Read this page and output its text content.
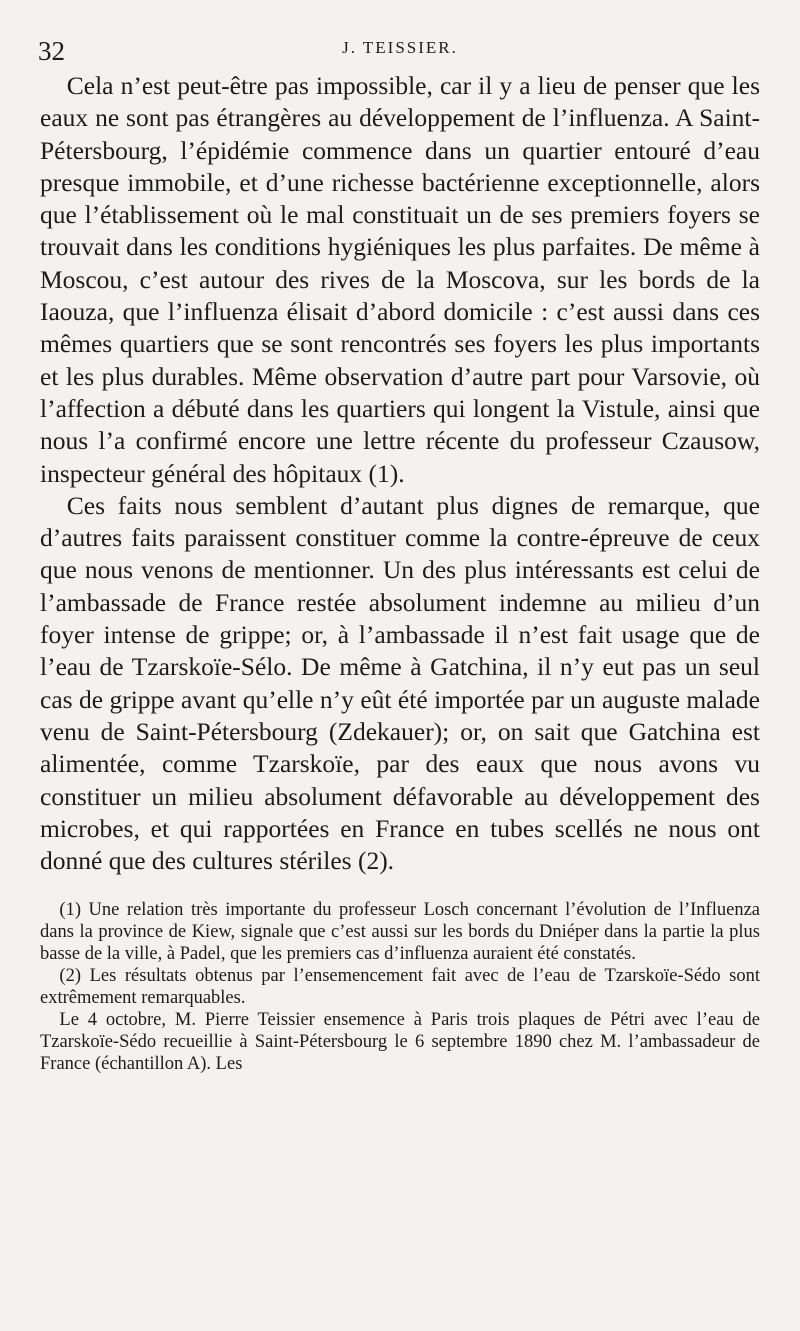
32	J. TEISSIER.

Cela n’est peut-être pas impossible, car il y a lieu de penser que les eaux ne sont pas étrangères au développement de l’influenza. A Saint-Pétersbourg, l’épidémie commence dans un quartier entouré d’eau presque immobile, et d’une richesse bactérienne exceptionnelle, alors que l’établissement où le mal constituait un de ses premiers foyers se trouvait dans les conditions hygiéniques les plus parfaites. De même à Moscou, c’est autour des rives de la Moscova, sur les bords de la Iaouza, que l’influenza élisait d’abord domicile : c’est aussi dans ces mêmes quartiers que se sont rencontrés ses foyers les plus importants et les plus durables. Même observation d’autre part pour Varsovie, où l’affection a débuté dans les quartiers qui longent la Vistule, ainsi que nous l’a confirmé encore une lettre récente du professeur Czausow, inspecteur général des hôpitaux (1).

Ces faits nous semblent d’autant plus dignes de remarque, que d’autres faits paraissent constituer comme la contre-épreuve de ceux que nous venons de mentionner. Un des plus intéressants est celui de l’ambassade de France restée absolument indemne au milieu d’un foyer intense de grippe; or, à l’ambassade il n’est fait usage que de l’eau de Tzarskoïe-Sélo. De même à Gatchina, il n’y eut pas un seul cas de grippe avant qu’elle n’y eût été importée par un auguste malade venu de Saint-Pétersbourg (Zdekauer); or, on sait que Gatchina est alimentée, comme Tzarskoïe, par des eaux que nous avons vu constituer un milieu absolument défavorable au développement des microbes, et qui rapportées en France en tubes scellés ne nous ont donné que des cultures stériles (2).

(1) Une relation très importante du professeur Losch concernant l’évolution de l’Influenza dans la province de Kiew, signale que c’est aussi sur les bords du Dniéper dans la partie la plus basse de la ville, à Padel, que les premiers cas d’influenza auraient été constatés.

(2) Les résultats obtenus par l’ensemencement fait avec de l’eau de Tzarskoïe-Sédo sont extrêmement remarquables.

Le 4 octobre, M. Pierre Teissier ensemence à Paris trois plaques de Pétri avec l’eau de Tzarskoïe-Sédo recueillie à Saint-Pétersbourg le 6 septembre 1890 chez M. l’ambassadeur de France (échantillon A). Les
